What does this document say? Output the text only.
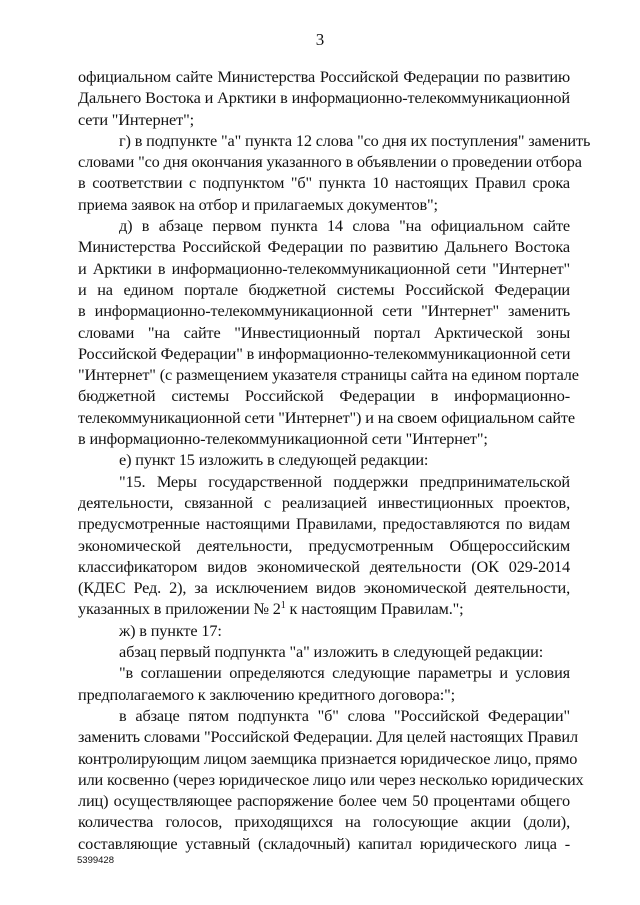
3
официальном сайте Министерства Российской Федерации по развитию
Дальнего Востока и Арктики в информационно-телекоммуникационной
сети "Интернет";
г) в подпункте "а" пункта 12 слова "со дня их поступления" заменить
словами "со дня окончания указанного в объявлении о проведении отбора
в соответствии с подпунктом "б" пункта 10 настоящих Правил срока
приема заявок на отбор и прилагаемых документов";
д) в абзаце первом пункта 14 слова "на официальном сайте
Министерства Российской Федерации по развитию Дальнего Востока
и Арктики в информационно-телекоммуникационной сети "Интернет"
и на едином портале бюджетной системы Российской Федерации
в информационно-телекоммуникационной сети "Интернет" заменить
словами "на сайте "Инвестиционный портал Арктической зоны
Российской Федерации" в информационно-телекоммуникационной сети
"Интернет" (с размещением указателя страницы сайта на едином портале
бюджетной системы Российской Федерации в информационно-
телекоммуникационной сети "Интернет") и на своем официальном сайте
в информационно-телекоммуникационной сети "Интернет";
е) пункт 15 изложить в следующей редакции:
"15. Меры государственной поддержки предпринимательской
деятельности, связанной с реализацией инвестиционных проектов,
предусмотренные настоящими Правилами, предоставляются по видам
экономической деятельности, предусмотренным Общероссийским
классификатором видов экономической деятельности (ОК 029-2014
(КДЕС Ред. 2), за исключением видов экономической деятельности,
указанных в приложении № $2^1$ к настоящим Правилам.";
ж) в пункте 17:
абзац первый подпункта "а" изложить в следующей редакции:
"в соглашении определяются следующие параметры и условия
предполагаемого к заключению кредитного договора:";
в абзаце пятом подпункта "б" слова "Российской Федерации"
заменить словами "Российской Федерации. Для целей настоящих Правил
контролирующим лицом заемщика признается юридическое лицо, прямо
или косвенно (через юридическое лицо или через несколько юридических
лиц) осуществляющее распоряжение более чем 50 процентами общего
количества голосов, приходящихся на голосующие акции (доли),
составляющие уставный (складочный) капитал юридического лица -
5399428
